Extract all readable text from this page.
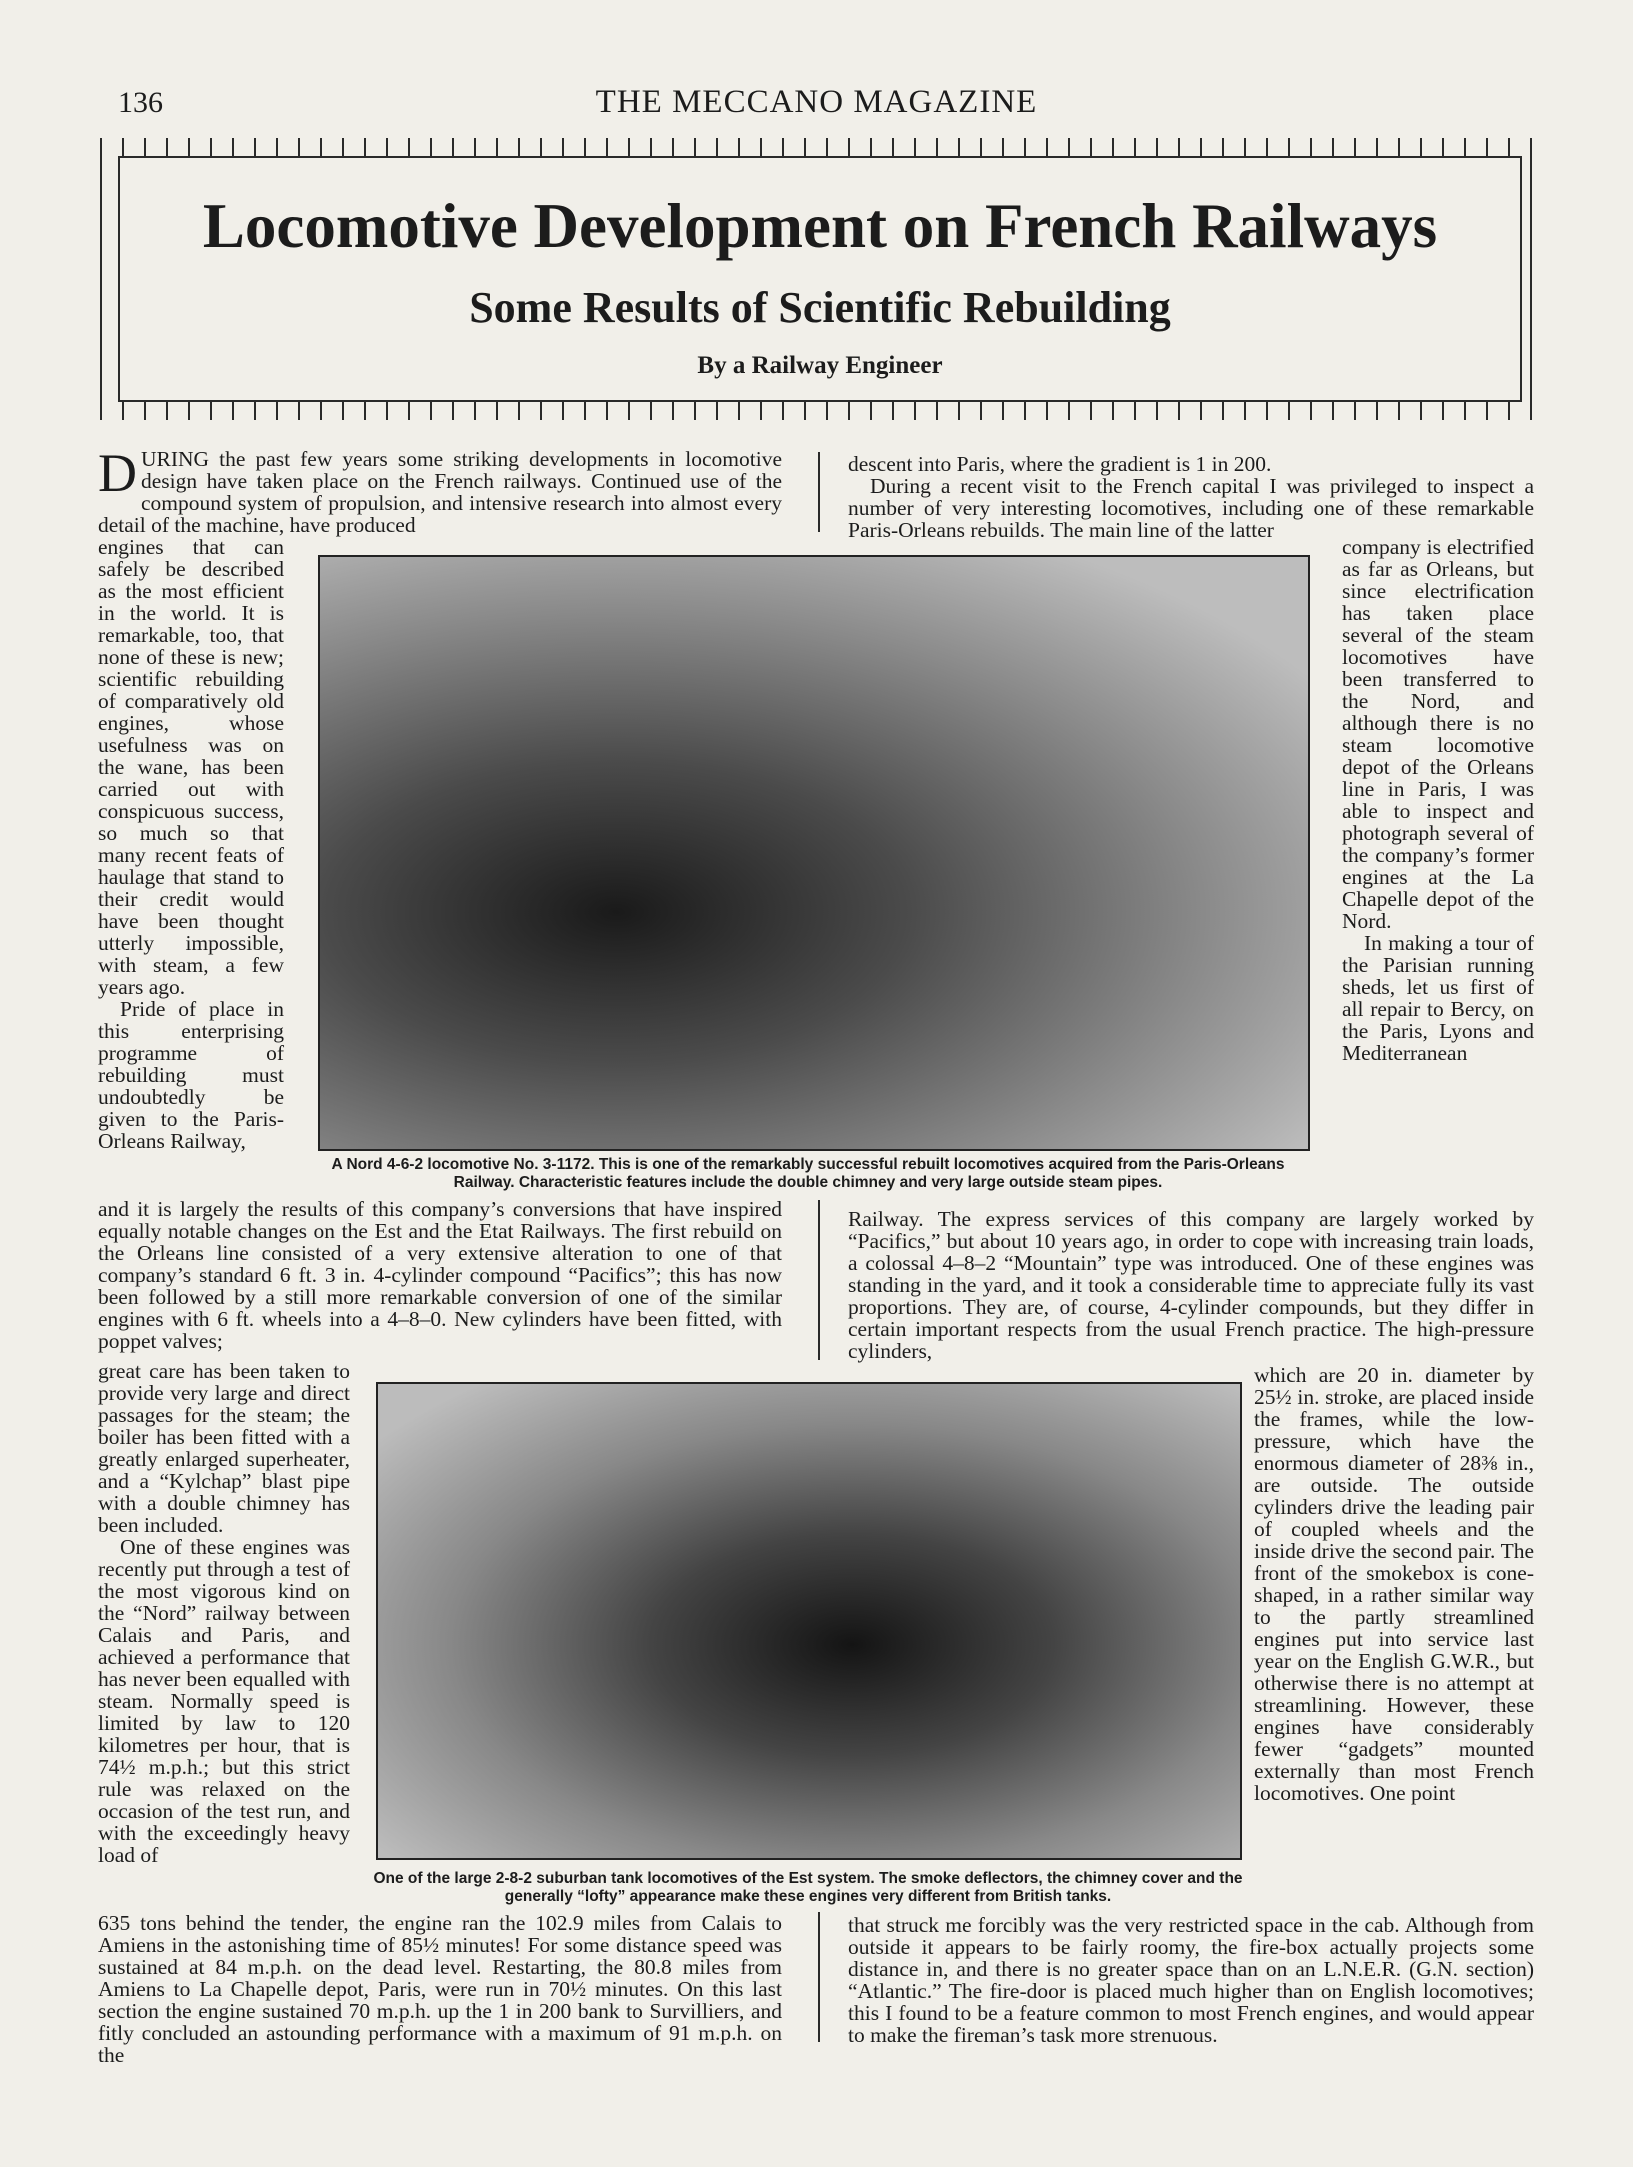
136	THE MECCANO MAGAZINE
Locomotive Development on French Railways
Some Results of Scientific Rebuilding
By a Railway Engineer

DURING the past few years some striking developments in locomotive design have taken place on the French railways. Continued use of the compound system of propulsion, and intensive research into almost every detail of the machine, have produced

descent into Paris, where the gradient is 1 in 200.

During a recent visit to the French capital I was privileged to inspect a number of very interesting locomotives, including one of these remarkable Paris-Orleans rebuilds. The main line of the latter

engines that can safely be described as the most efficient in the world. It is remarkable, too, that none of these is new; scientific rebuilding of comparatively old engines, whose usefulness was on the wane, has been carried out with conspicuous success, so much so that many recent feats of haulage that stand to their credit would have been thought utterly impossible, with steam, a few years ago.

Pride of place in this enterprising programme of rebuilding must undoubtedly be given to the Paris-Orleans Railway,

A Nord 4-6-2 locomotive No. 3-1172. This is one of the remarkably successful rebuilt locomotives acquired from the Paris-Orleans Railway. Characteristic features include the double chimney and very large outside steam pipes.

company is electrified as far as Orleans, but since electrification has taken place several of the steam locomotives have been transferred to the Nord, and although there is no steam locomotive depot of the Orleans line in Paris, I was able to inspect and photograph several of the company’s former engines at the La Chapelle depot of the Nord.

In making a tour of the Parisian running sheds, let us first of all repair to Bercy, on the Paris, Lyons and Mediterranean

and it is largely the results of this company’s conversions that have inspired equally notable changes on the Est and the Etat Railways. The first rebuild on the Orleans line consisted of a very extensive alteration to one of that company’s standard 6 ft. 3 in. 4-cylinder compound “Pacifics”; this has now been followed by a still more remarkable conversion of one of the similar engines with 6 ft. wheels into a 4–8–0. New cylinders have been fitted, with poppet valves;

Railway. The express services of this company are largely worked by “Pacifics,” but about 10 years ago, in order to cope with increasing train loads, a colossal 4–8–2 “Mountain” type was introduced. One of these engines was standing in the yard, and it took a considerable time to appreciate fully its vast proportions. They are, of course, 4-cylinder compounds, but they differ in certain important respects from the usual French practice. The high-pressure cylinders,

great care has been taken to provide very large and direct passages for the steam; the boiler has been fitted with a greatly enlarged superheater, and a “Kylchap” blast pipe with a double chimney has been included.

One of these engines was recently put through a test of the most vigorous kind on the “Nord” railway between Calais and Paris, and achieved a performance that has never been equalled with steam. Normally speed is limited by law to 120 kilometres per hour, that is 74½ m.p.h.; but this strict rule was relaxed on the occasion of the test run, and with the exceedingly heavy load of

One of the large 2-8-2 suburban tank locomotives of the Est system. The smoke deflectors, the chimney cover and the generally “lofty” appearance make these engines very different from British tanks.

which are 20 in. diameter by 25½ in. stroke, are placed inside the frames, while the low-pressure, which have the enormous diameter of 28⅜ in., are outside. The outside cylinders drive the leading pair of coupled wheels and the inside drive the second pair. The front of the smokebox is cone-shaped, in a rather similar way to the partly streamlined engines put into service last year on the English G.W.R., but otherwise there is no attempt at streamlining. However, these engines have considerably fewer “gadgets” mounted externally than most French locomotives. One point

635 tons behind the tender, the engine ran the 102.9 miles from Calais to Amiens in the astonishing time of 85½ minutes! For some distance speed was sustained at 84 m.p.h. on the dead level. Restarting, the 80.8 miles from Amiens to La Chapelle depot, Paris, were run in 70½ minutes. On this last section the engine sustained 70 m.p.h. up the 1 in 200 bank to Survilliers, and fitly concluded an astounding performance with a maximum of 91 m.p.h. on the

that struck me forcibly was the very restricted space in the cab. Although from outside it appears to be fairly roomy, the fire-box actually projects some distance in, and there is no greater space than on an L.N.E.R. (G.N. section) “Atlantic.” The fire-door is placed much higher than on English locomotives; this I found to be a feature common to most French engines, and would appear to make the fireman’s task more strenuous.
